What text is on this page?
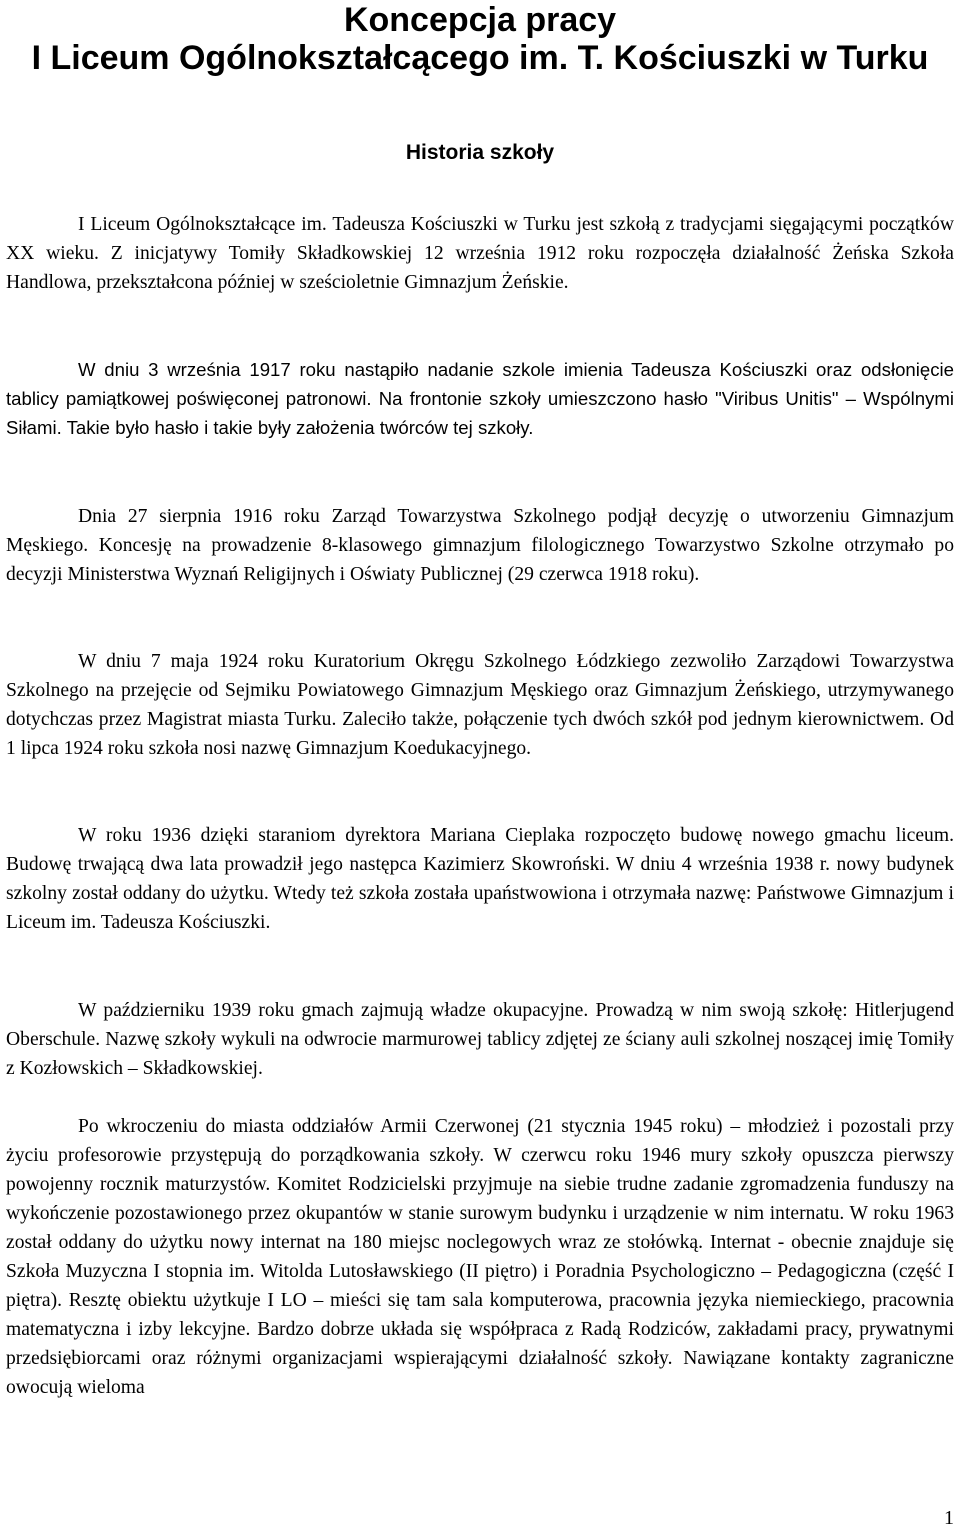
Koncepcja pracy
I Liceum Ogólnokształcącego im. T. Kościuszki w Turku
Historia szkoły

I Liceum Ogólnokształcące im. Tadeusza Kościuszki w Turku jest szkołą z tradycjami sięgającymi początków XX wieku. Z inicjatywy Tomiły Składkowskiej 12 września 1912 roku rozpoczęła działalność Żeńska Szkoła Handlowa, przekształcona później w sześcioletnie Gimnazjum Żeńskie.

W dniu 3 września 1917 roku nastąpiło nadanie szkole imienia Tadeusza Kościuszki oraz odsłonięcie tablicy pamiątkowej poświęconej patronowi. Na frontonie szkoły umieszczono hasło "Viribus Unitis" – Wspólnymi Siłami. Takie było hasło i takie były założenia twórców tej szkoły.

Dnia 27 sierpnia 1916 roku Zarząd Towarzystwa Szkolnego podjął decyzję o utworzeniu Gimnazjum Męskiego. Koncesję na prowadzenie 8-klasowego gimnazjum filologicznego Towarzystwo Szkolne otrzymało po decyzji Ministerstwa Wyznań Religijnych i Oświaty Publicznej (29 czerwca 1918 roku).

W dniu 7 maja 1924 roku Kuratorium Okręgu Szkolnego Łódzkiego zezwoliło Zarządowi Towarzystwa Szkolnego na przejęcie od Sejmiku Powiatowego Gimnazjum Męskiego oraz Gimnazjum Żeńskiego, utrzymywanego dotychczas przez Magistrat miasta Turku. Zaleciło także, połączenie tych dwóch szkół pod jednym kierownictwem. Od 1 lipca 1924 roku szkoła nosi nazwę Gimnazjum Koedukacyjnego.

W roku 1936 dzięki staraniom dyrektora Mariana Cieplaka rozpoczęto budowę nowego gmachu liceum. Budowę trwającą dwa lata prowadził jego następca Kazimierz Skowroński. W dniu 4 września 1938 r. nowy budynek szkolny został oddany do użytku. Wtedy też szkoła została upaństwowiona i otrzymała nazwę: Państwowe Gimnazjum i Liceum im. Tadeusza Kościuszki.

W październiku 1939 roku gmach zajmują władze okupacyjne. Prowadzą w nim swoją szkołę: Hitlerjugend Oberschule. Nazwę szkoły wykuli na odwrocie marmurowej tablicy zdjętej ze ściany auli szkolnej noszącej imię Tomiły z Kozłowskich – Składkowskiej.

Po wkroczeniu do miasta oddziałów Armii Czerwonej (21 stycznia 1945 roku) – młodzież i pozostali przy życiu profesorowie przystępują do porządkowania szkoły. W czerwcu roku 1946 mury szkoły opuszcza pierwszy powojenny rocznik maturzystów. Komitet Rodzicielski przyjmuje na siebie trudne zadanie zgromadzenia funduszy na wykończenie pozostawionego przez okupantów w stanie surowym budynku i urządzenie w nim internatu. W roku 1963 został oddany do użytku nowy internat na 180 miejsc noclegowych wraz ze stołówką. Internat - obecnie znajduje się Szkoła Muzyczna I stopnia im. Witolda Lutosławskiego (II piętro) i Poradnia Psychologiczno – Pedagogiczna (część I piętra). Resztę obiektu użytkuje I LO – mieści się tam sala komputerowa, pracownia języka niemieckiego, pracownia matematyczna i izby lekcyjne. Bardzo dobrze układa się współpraca z Radą Rodziców, zakładami pracy, prywatnymi przedsiębiorcami oraz różnymi organizacjami wspierającymi działalność szkoły. Nawiązane kontakty zagraniczne owocują wieloma

1
